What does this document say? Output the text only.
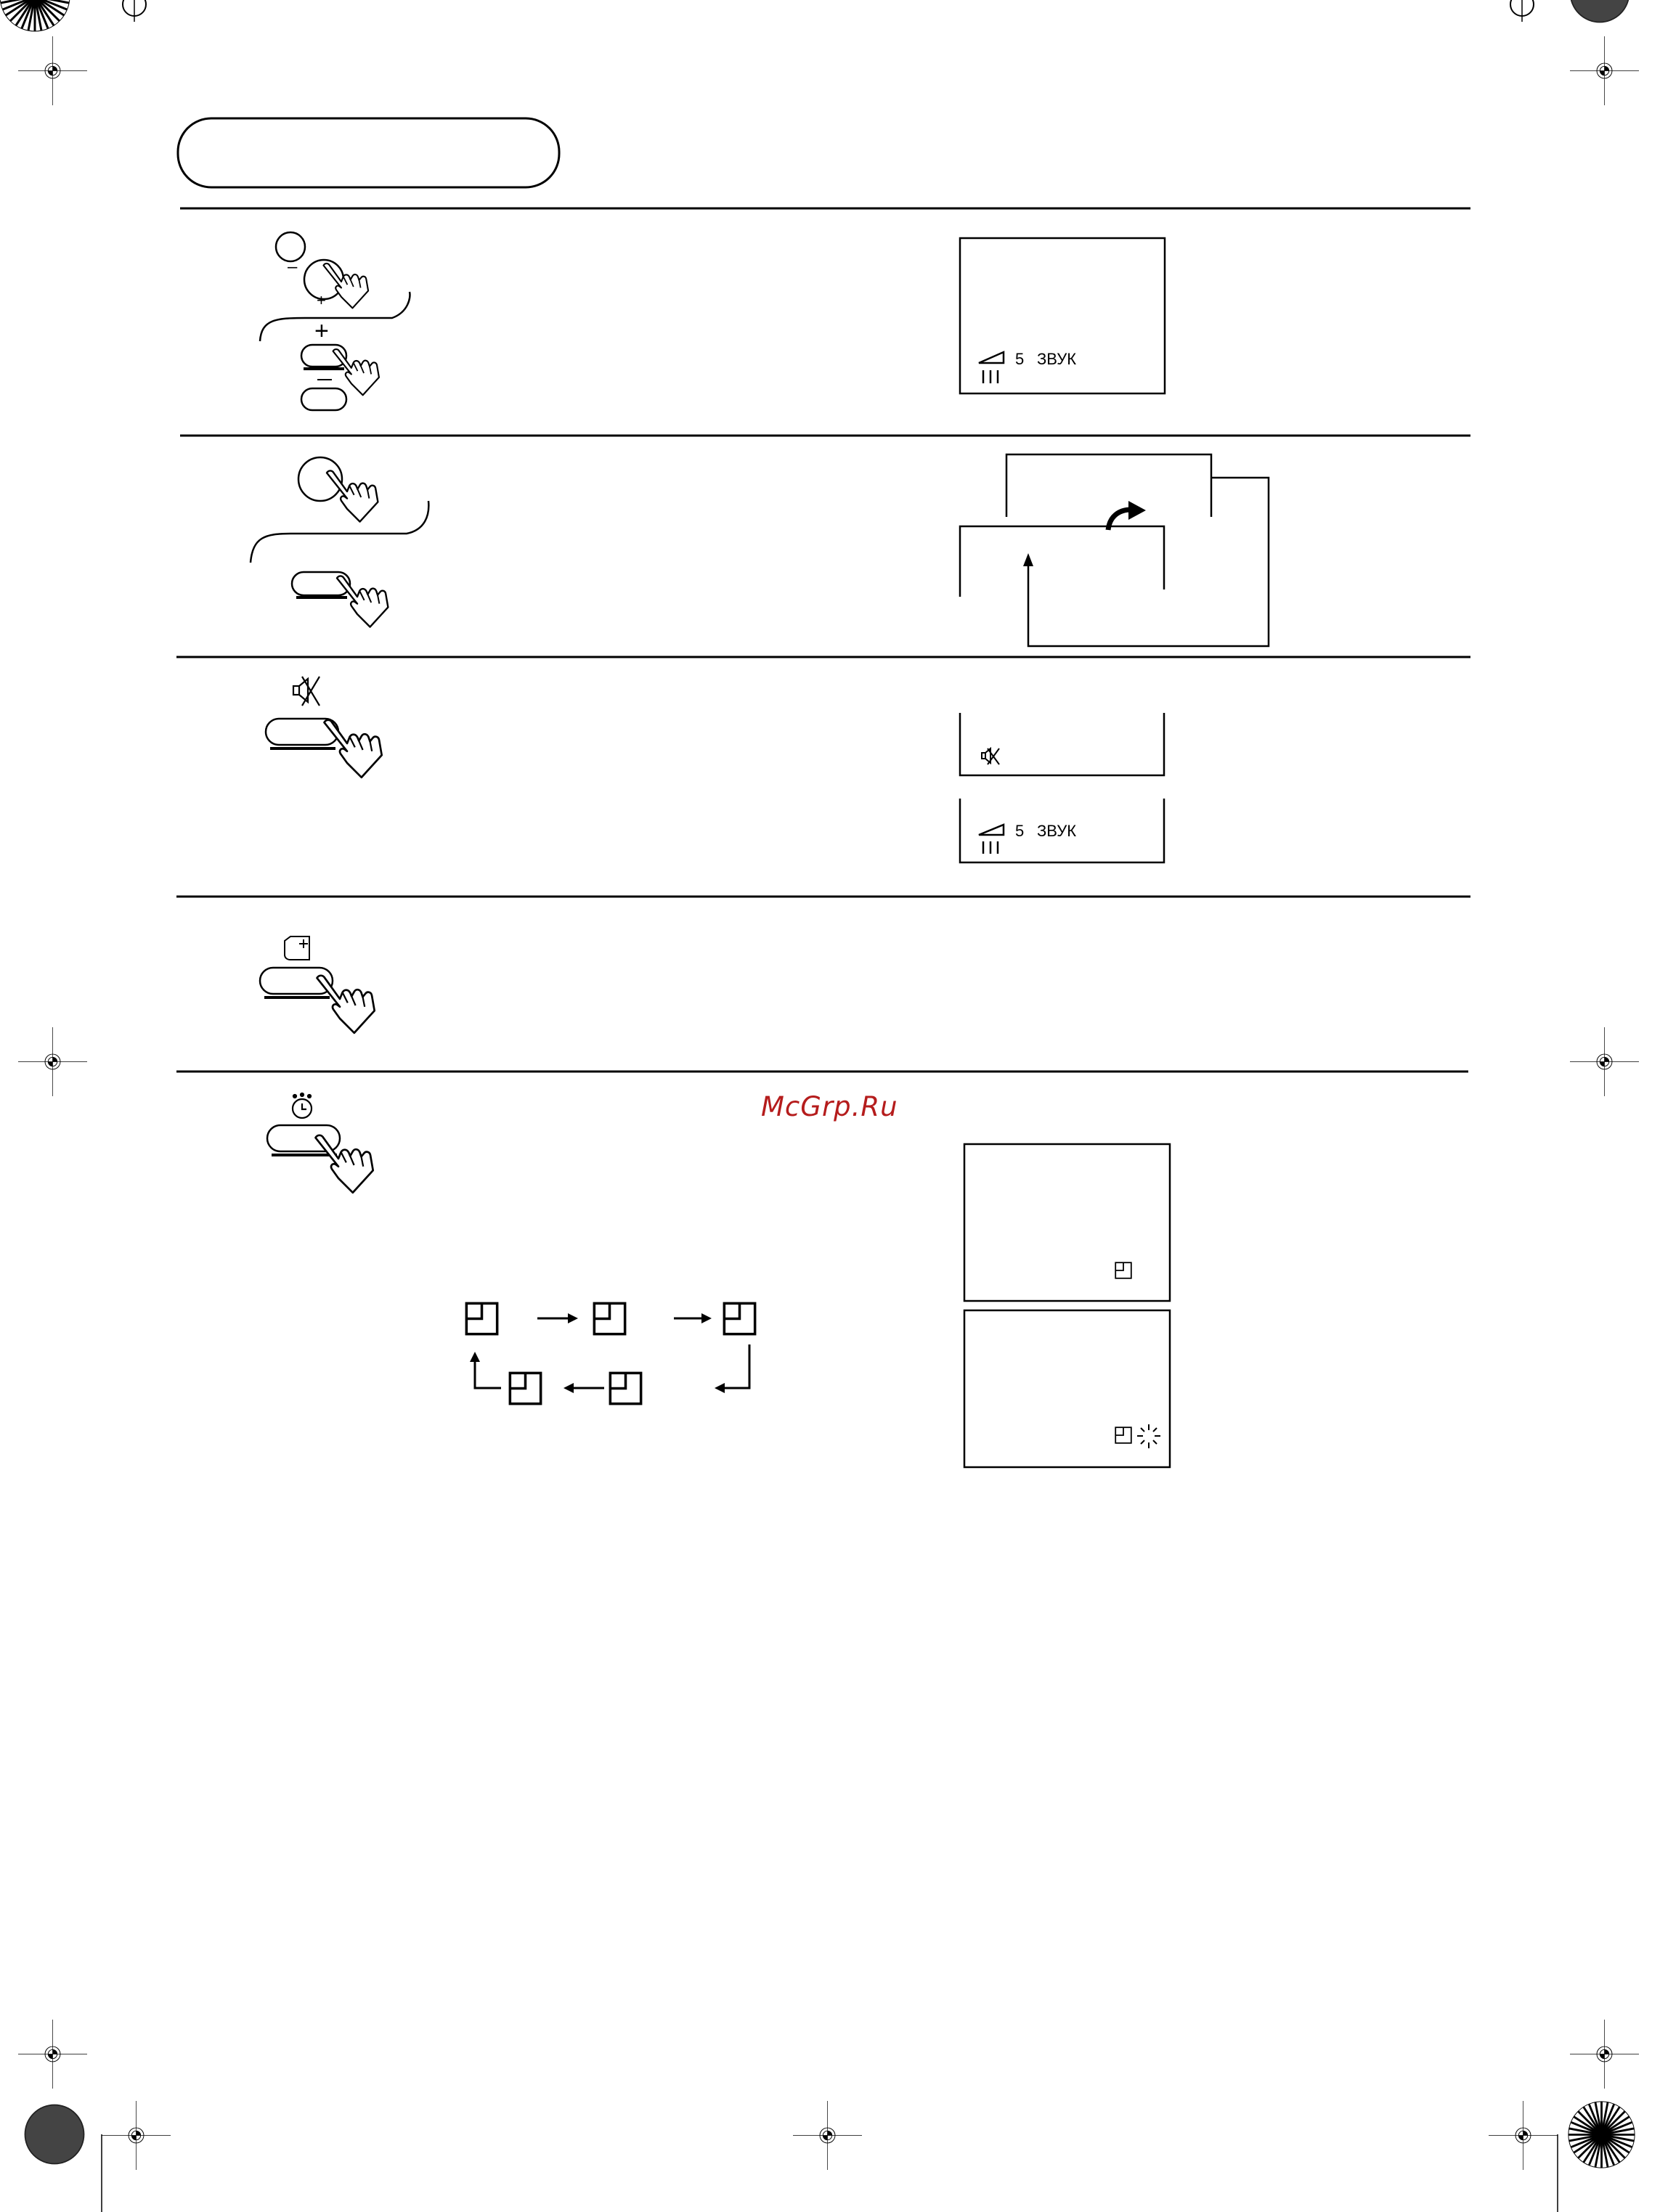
–
+
+
5 ЗВУК
5 ЗВУК
McGrp.Ru
